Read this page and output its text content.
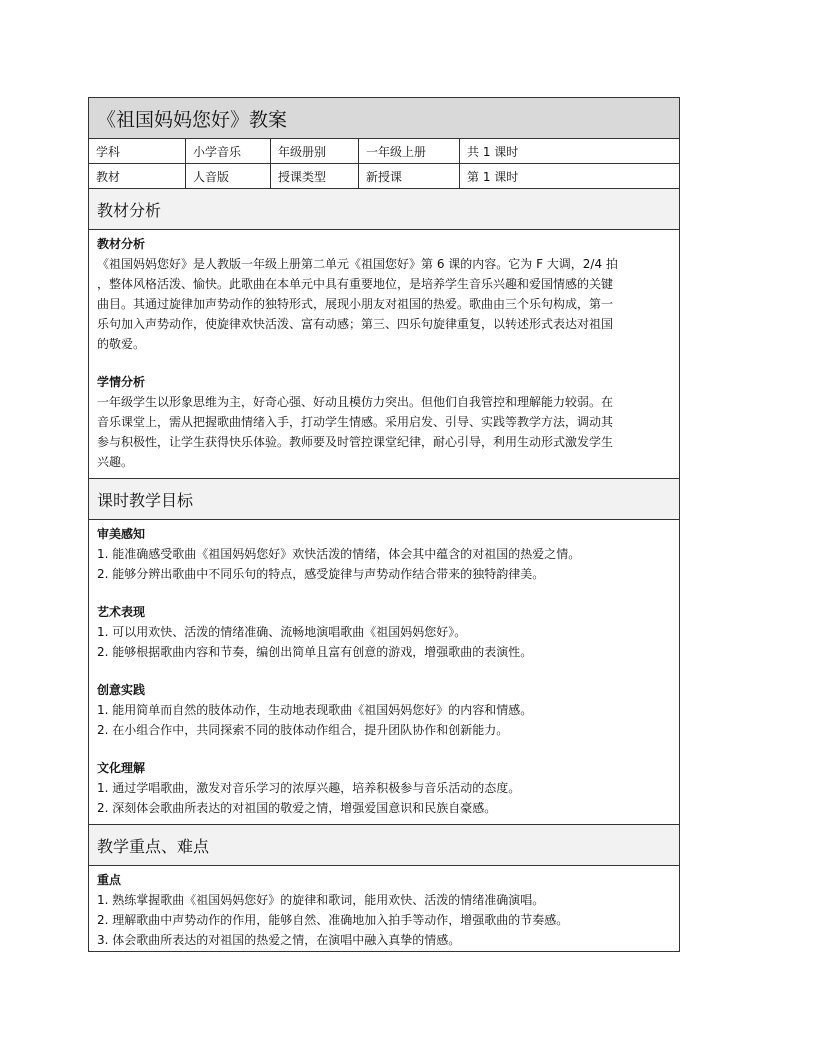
《祖国妈妈您好》教案
学科	小学音乐	年级册别	一年级上册	共 1 课时
教材	人音版	授课类型	新授课	第 1 课时
教材分析
教材分析
《祖国妈妈您好》是人教版一年级上册第二单元《祖国您好》第 6 课的内容。它为 F 大调，2/4 拍
，整体风格活泼、愉快。此歌曲在本单元中具有重要地位，是培养学生音乐兴趣和爱国情感的关键
曲目。其通过旋律加声势动作的独特形式，展现小朋友对祖国的热爱。歌曲由三个乐句构成，第一
乐句加入声势动作，使旋律欢快活泼、富有动感；第三、四乐句旋律重复，以转述形式表达对祖国
的敬爱。
学情分析
一年级学生以形象思维为主，好奇心强、好动且模仿力突出。但他们自我管控和理解能力较弱。在
音乐课堂上，需从把握歌曲情绪入手，打动学生情感。采用启发、引导、实践等教学方法，调动其
参与积极性，让学生获得快乐体验。教师要及时管控课堂纪律，耐心引导，利用生动形式激发学生
兴趣。
课时教学目标
审美感知
1. 能准确感受歌曲《祖国妈妈您好》欢快活泼的情绪，体会其中蕴含的对祖国的热爱之情。
2. 能够分辨出歌曲中不同乐句的特点，感受旋律与声势动作结合带来的独特韵律美。
艺术表现
1. 可以用欢快、活泼的情绪准确、流畅地演唱歌曲《祖国妈妈您好》。
2. 能够根据歌曲内容和节奏，编创出简单且富有创意的游戏，增强歌曲的表演性。
创意实践
1. 能用简单而自然的肢体动作，生动地表现歌曲《祖国妈妈您好》的内容和情感。
2. 在小组合作中，共同探索不同的肢体动作组合，提升团队协作和创新能力。
文化理解
1. 通过学唱歌曲，激发对音乐学习的浓厚兴趣，培养积极参与音乐活动的态度。
2. 深刻体会歌曲所表达的对祖国的敬爱之情，增强爱国意识和民族自豪感。
教学重点、难点
重点
1. 熟练掌握歌曲《祖国妈妈您好》的旋律和歌词，能用欢快、活泼的情绪准确演唱。
2. 理解歌曲中声势动作的作用，能够自然、准确地加入拍手等动作，增强歌曲的节奏感。
3. 体会歌曲所表达的对祖国的热爱之情，在演唱中融入真挚的情感。
